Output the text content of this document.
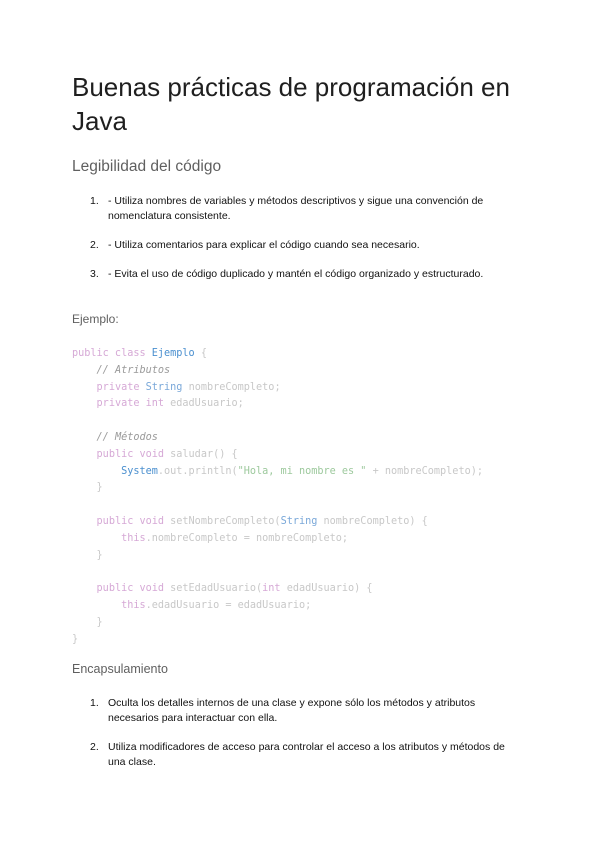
Buenas prácticas de programación en Java
Legibilidad del código
1. - Utiliza nombres de variables y métodos descriptivos y sigue una convención de nomenclatura consistente.
2. - Utiliza comentarios para explicar el código cuando sea necesario.
3. - Evita el uso de código duplicado y mantén el código organizado y estructurado.
Ejemplo:
public class Ejemplo {
// Atributos
private String nombreCompleto;
private int edadUsuario;

// Métodos
public void saludar() {
System.out.println("Hola, mi nombre es " + nombreCompleto);
}

public void setNombreCompleto(String nombreCompleto) {
this.nombreCompleto = nombreCompleto;
}

public void setEdadUsuario(int edadUsuario) {
this.edadUsuario = edadUsuario;
}
}
Encapsulamiento
1. Oculta los detalles internos de una clase y expone sólo los métodos y atributos necesarios para interactuar con ella.
2. Utiliza modificadores de acceso para controlar el acceso a los atributos y métodos de una clase.
